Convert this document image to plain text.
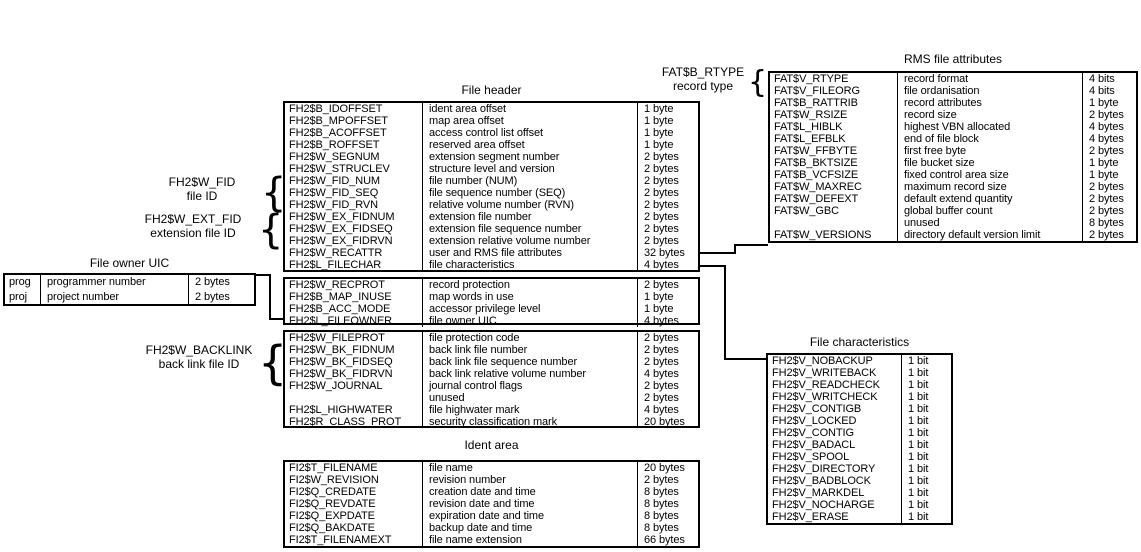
File header
Ident area
RMS file attributes
File characteristics
File owner UIC
FH2$B_IDOFFSET	ident area offset	1 byte
FH2$B_MPOFFSET	map area offset	1 byte
FH2$B_ACOFFSET	access control list offset	1 byte
FH2$B_ROFFSET	reserved area offset	1 byte
FH2$W_SEGNUM	extension segment number	2 bytes
FH2$W_STRUCLEV	structure level and version	2 bytes
FH2$W_FID_NUM	file number (NUM)	2 bytes
FH2$W_FID_SEQ	file sequence number (SEQ)	2 bytes
FH2$W_FID_RVN	relative volume number (RVN)	2 bytes
FH2$W_EX_FIDNUM	extension file number	2 bytes
FH2$W_EX_FIDSEQ	extension file sequence number	2 bytes
FH2$W_EX_FIDRVN	extension relative volume number	2 bytes
FH2$W_RECATTR	user and RMS file attributes	32 bytes
FH2$L_FILECHAR	file characteristics	4 bytes
FH2$W_RECPROT	record protection	2 bytes
FH2$B_MAP_INUSE	map words in use	1 byte
FH2$B_ACC_MODE	accessor privilege level	1 byte
FH2$L_FILEOWNER	file owner UIC	4 bytes
FH2$W_FILEPROT	file protection code	2 bytes
FH2$W_BK_FIDNUM	back link file number	2 bytes
FH2$W_BK_FIDSEQ	back link file sequence number	2 bytes
FH2$W_BK_FIDRVN	back link relative volume number	4 bytes
FH2$W_JOURNAL	journal control flags	2 bytes
unused	2 bytes
FH2$L_HIGHWATER	file highwater mark	4 bytes
FH2$R_CLASS_PROT	security classification mark	20 bytes
FI2$T_FILENAME	file name	20 bytes
FI2$W_REVISION	revision number	2 bytes
FI2$Q_CREDATE	creation date and time	8 bytes
FI2$Q_REVDATE	revision date and time	8 bytes
FI2$Q_EXPDATE	expiration date and time	8 bytes
FI2$Q_BAKDATE	backup date and time	8 bytes
FI2$T_FILENAMEXT	file name extension	66 bytes
FAT$V_RTYPE	record format	4 bits
FAT$V_FILEORG	file ordanisation	4 bits
FAT$B_RATTRIB	record attributes	1 byte
FAT$W_RSIZE	record size	2 bytes
FAT$L_HIBLK	highest VBN allocated	4 bytes
FAT$L_EFBLK	end of file block	4 bytes
FAT$W_FFBYTE	first free byte	2 bytes
FAT$B_BKTSIZE	file bucket size	1 byte
FAT$B_VCFSIZE	fixed control area size	1 byte
FAT$W_MAXREC	maximum record size	2 bytes
FAT$W_DEFEXT	default extend quantity	2 bytes
FAT$W_GBC	global buffer count	2 bytes
unused	8 bytes
FAT$W_VERSIONS	directory default version limit	2 bytes
FH2$V_NOBACKUP	1 bit
FH2$V_WRITEBACK	1 bit
FH2$V_READCHECK	1 bit
FH2$V_WRITCHECK	1 bit
FH2$V_CONTIGB	1 bit
FH2$V_LOCKED	1 bit
FH2$V_CONTIG	1 bit
FH2$V_BADACL	1 bit
FH2$V_SPOOL	1 bit
FH2$V_DIRECTORY	1 bit
FH2$V_BADBLOCK	1 bit
FH2$V_MARKDEL	1 bit
FH2$V_NOCHARGE	1 bit
FH2$V_ERASE	1 bit
prog	programmer number	2 bytes
proj	project number	2 bytes
FH2$W_FID
file ID	{
FH2$W_EXT_FID
extension file ID {
FH2$W_BACKLINK
back link file ID {
FAT$B_RTYPE
record type {
